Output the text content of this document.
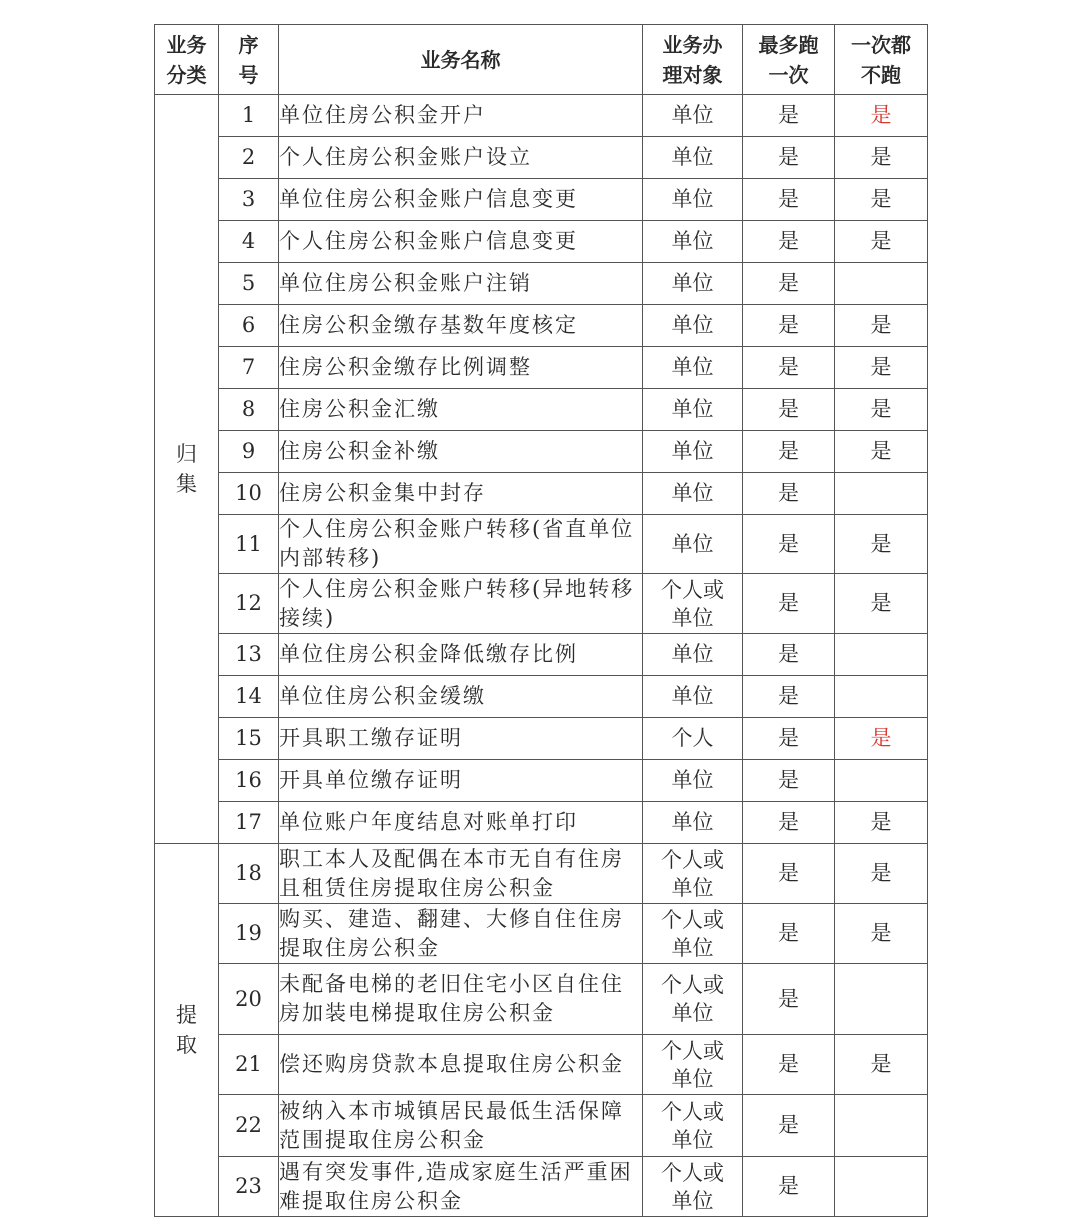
业务分类	序号	业务名称	业务办理对象	最多跑一次	一次都不跑
归集	1	单位住房公积金开户	单位	是	是
	2	个人住房公积金账户设立	单位	是	是
	3	单位住房公积金账户信息变更	单位	是	是
	4	个人住房公积金账户信息变更	单位	是	是
	5	单位住房公积金账户注销	单位	是	
	6	住房公积金缴存基数年度核定	单位	是	是
	7	住房公积金缴存比例调整	单位	是	是
	8	住房公积金汇缴	单位	是	是
	9	住房公积金补缴	单位	是	是
	10	住房公积金集中封存	单位	是	
	11	个人住房公积金账户转移(省直单位内部转移)	单位	是	是
	12	个人住房公积金账户转移(异地转移接续)	个人或单位	是	是
	13	单位住房公积金降低缴存比例	单位	是	
	14	单位住房公积金缓缴	单位	是	
	15	开具职工缴存证明	个人	是	是
	16	开具单位缴存证明	单位	是	
	17	单位账户年度结息对账单打印	单位	是	是
提取	18	职工本人及配偶在本市无自有住房且租赁住房提取住房公积金	个人或单位	是	是
	19	购买、建造、翻建、大修自住住房提取住房公积金	个人或单位	是	是
	20	未配备电梯的老旧住宅小区自住住房加装电梯提取住房公积金	个人或单位	是	
	21	偿还购房贷款本息提取住房公积金	个人或单位	是	是
	22	被纳入本市城镇居民最低生活保障范围提取住房公积金	个人或单位	是	
	23	遇有突发事件,造成家庭生活严重困难提取住房公积金	个人或单位	是	
